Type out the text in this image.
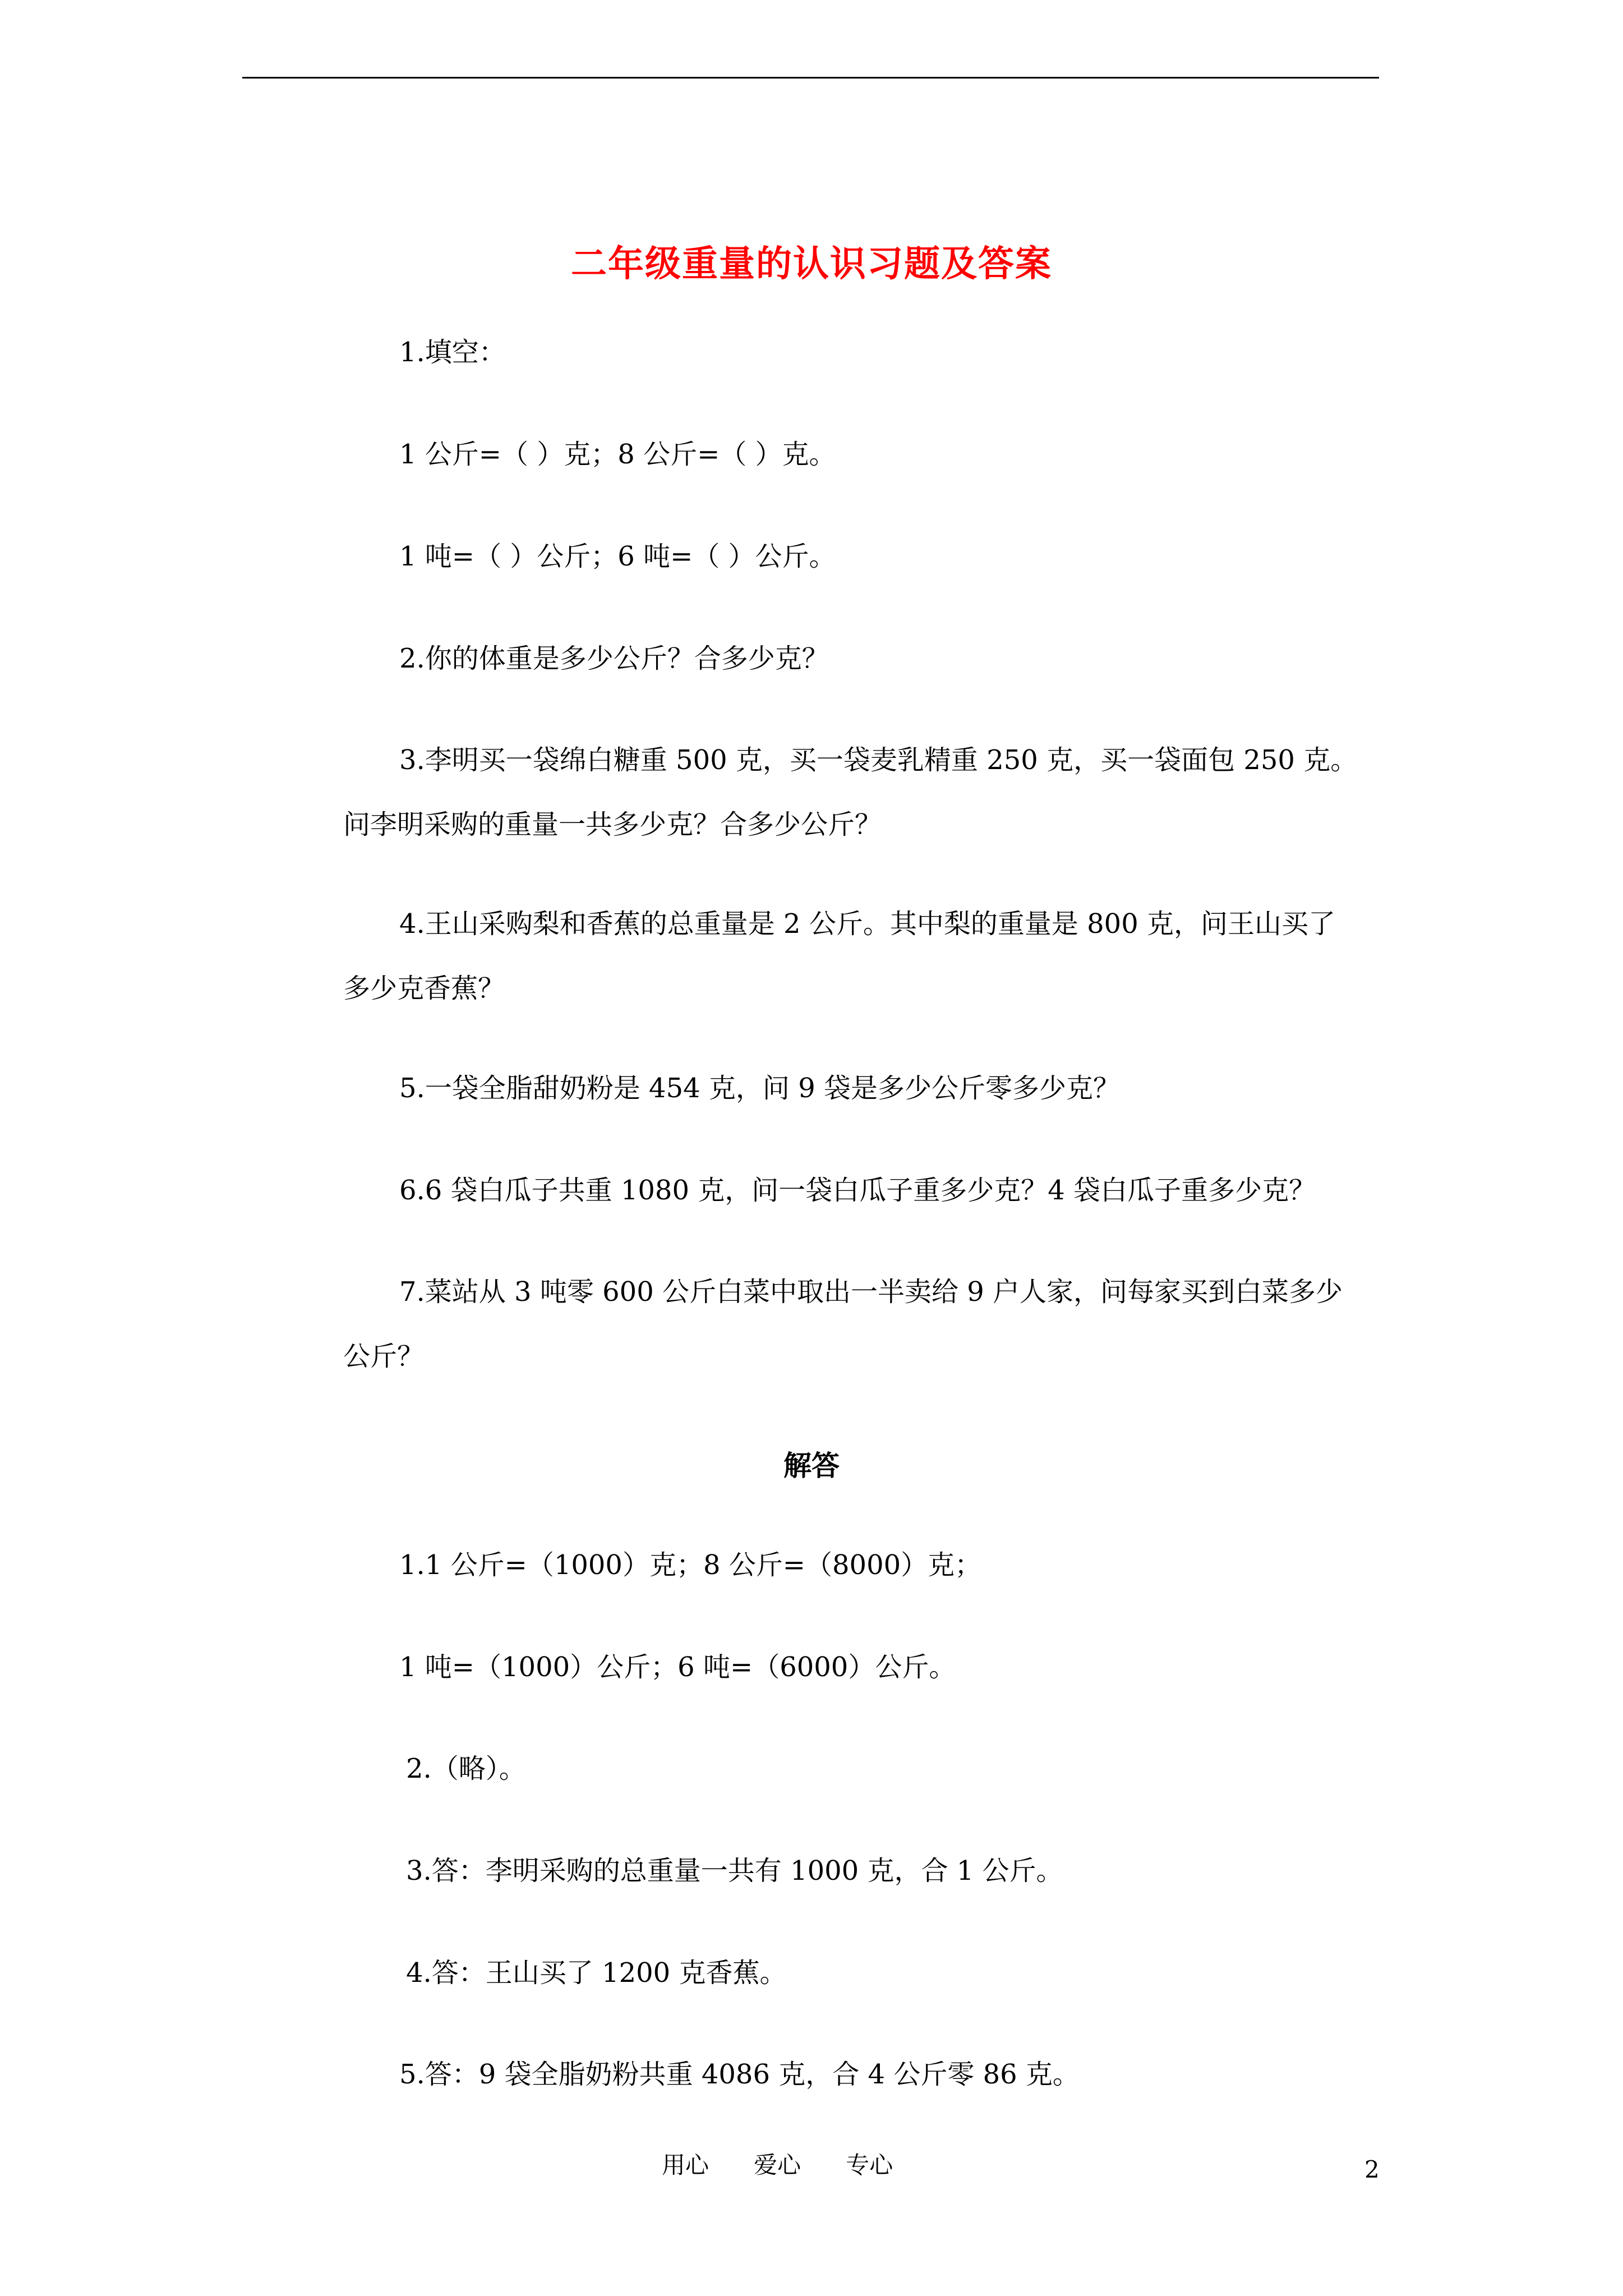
二年级重量的认识习题及答案

1.填空：

1 公斤=（ ）克；8 公斤=（ ）克。

1 吨=（ ）公斤；6 吨=（ ）公斤。

2.你的体重是多少公斤？合多少克？

3.李明买一袋绵白糖重 500 克，买一袋麦乳精重 250 克，买一袋面包 250 克。

问李明采购的重量一共多少克？合多少公斤？

4.王山采购梨和香蕉的总重量是 2 公斤。其中梨的重量是 800 克，问王山买了

多少克香蕉？

5.一袋全脂甜奶粉是 454 克，问 9 袋是多少公斤零多少克？

6.6 袋白瓜子共重 1080 克，问一袋白瓜子重多少克？4 袋白瓜子重多少克？

7.菜站从 3 吨零 600 公斤白菜中取出一半卖给 9 户人家，问每家买到白菜多少

公斤？

解答

1.1 公斤=（1000）克；8 公斤=（8000）克；

1 吨=（1000）公斤；6 吨=（6000）公斤。

2.（略）。

3.答：李明采购的总重量一共有 1000 克，合 1 公斤。

4.答：王山买了 1200 克香蕉。

5.答：9 袋全脂奶粉共重 4086 克，合 4 公斤零 86 克。

用心      爱心      专心	2
